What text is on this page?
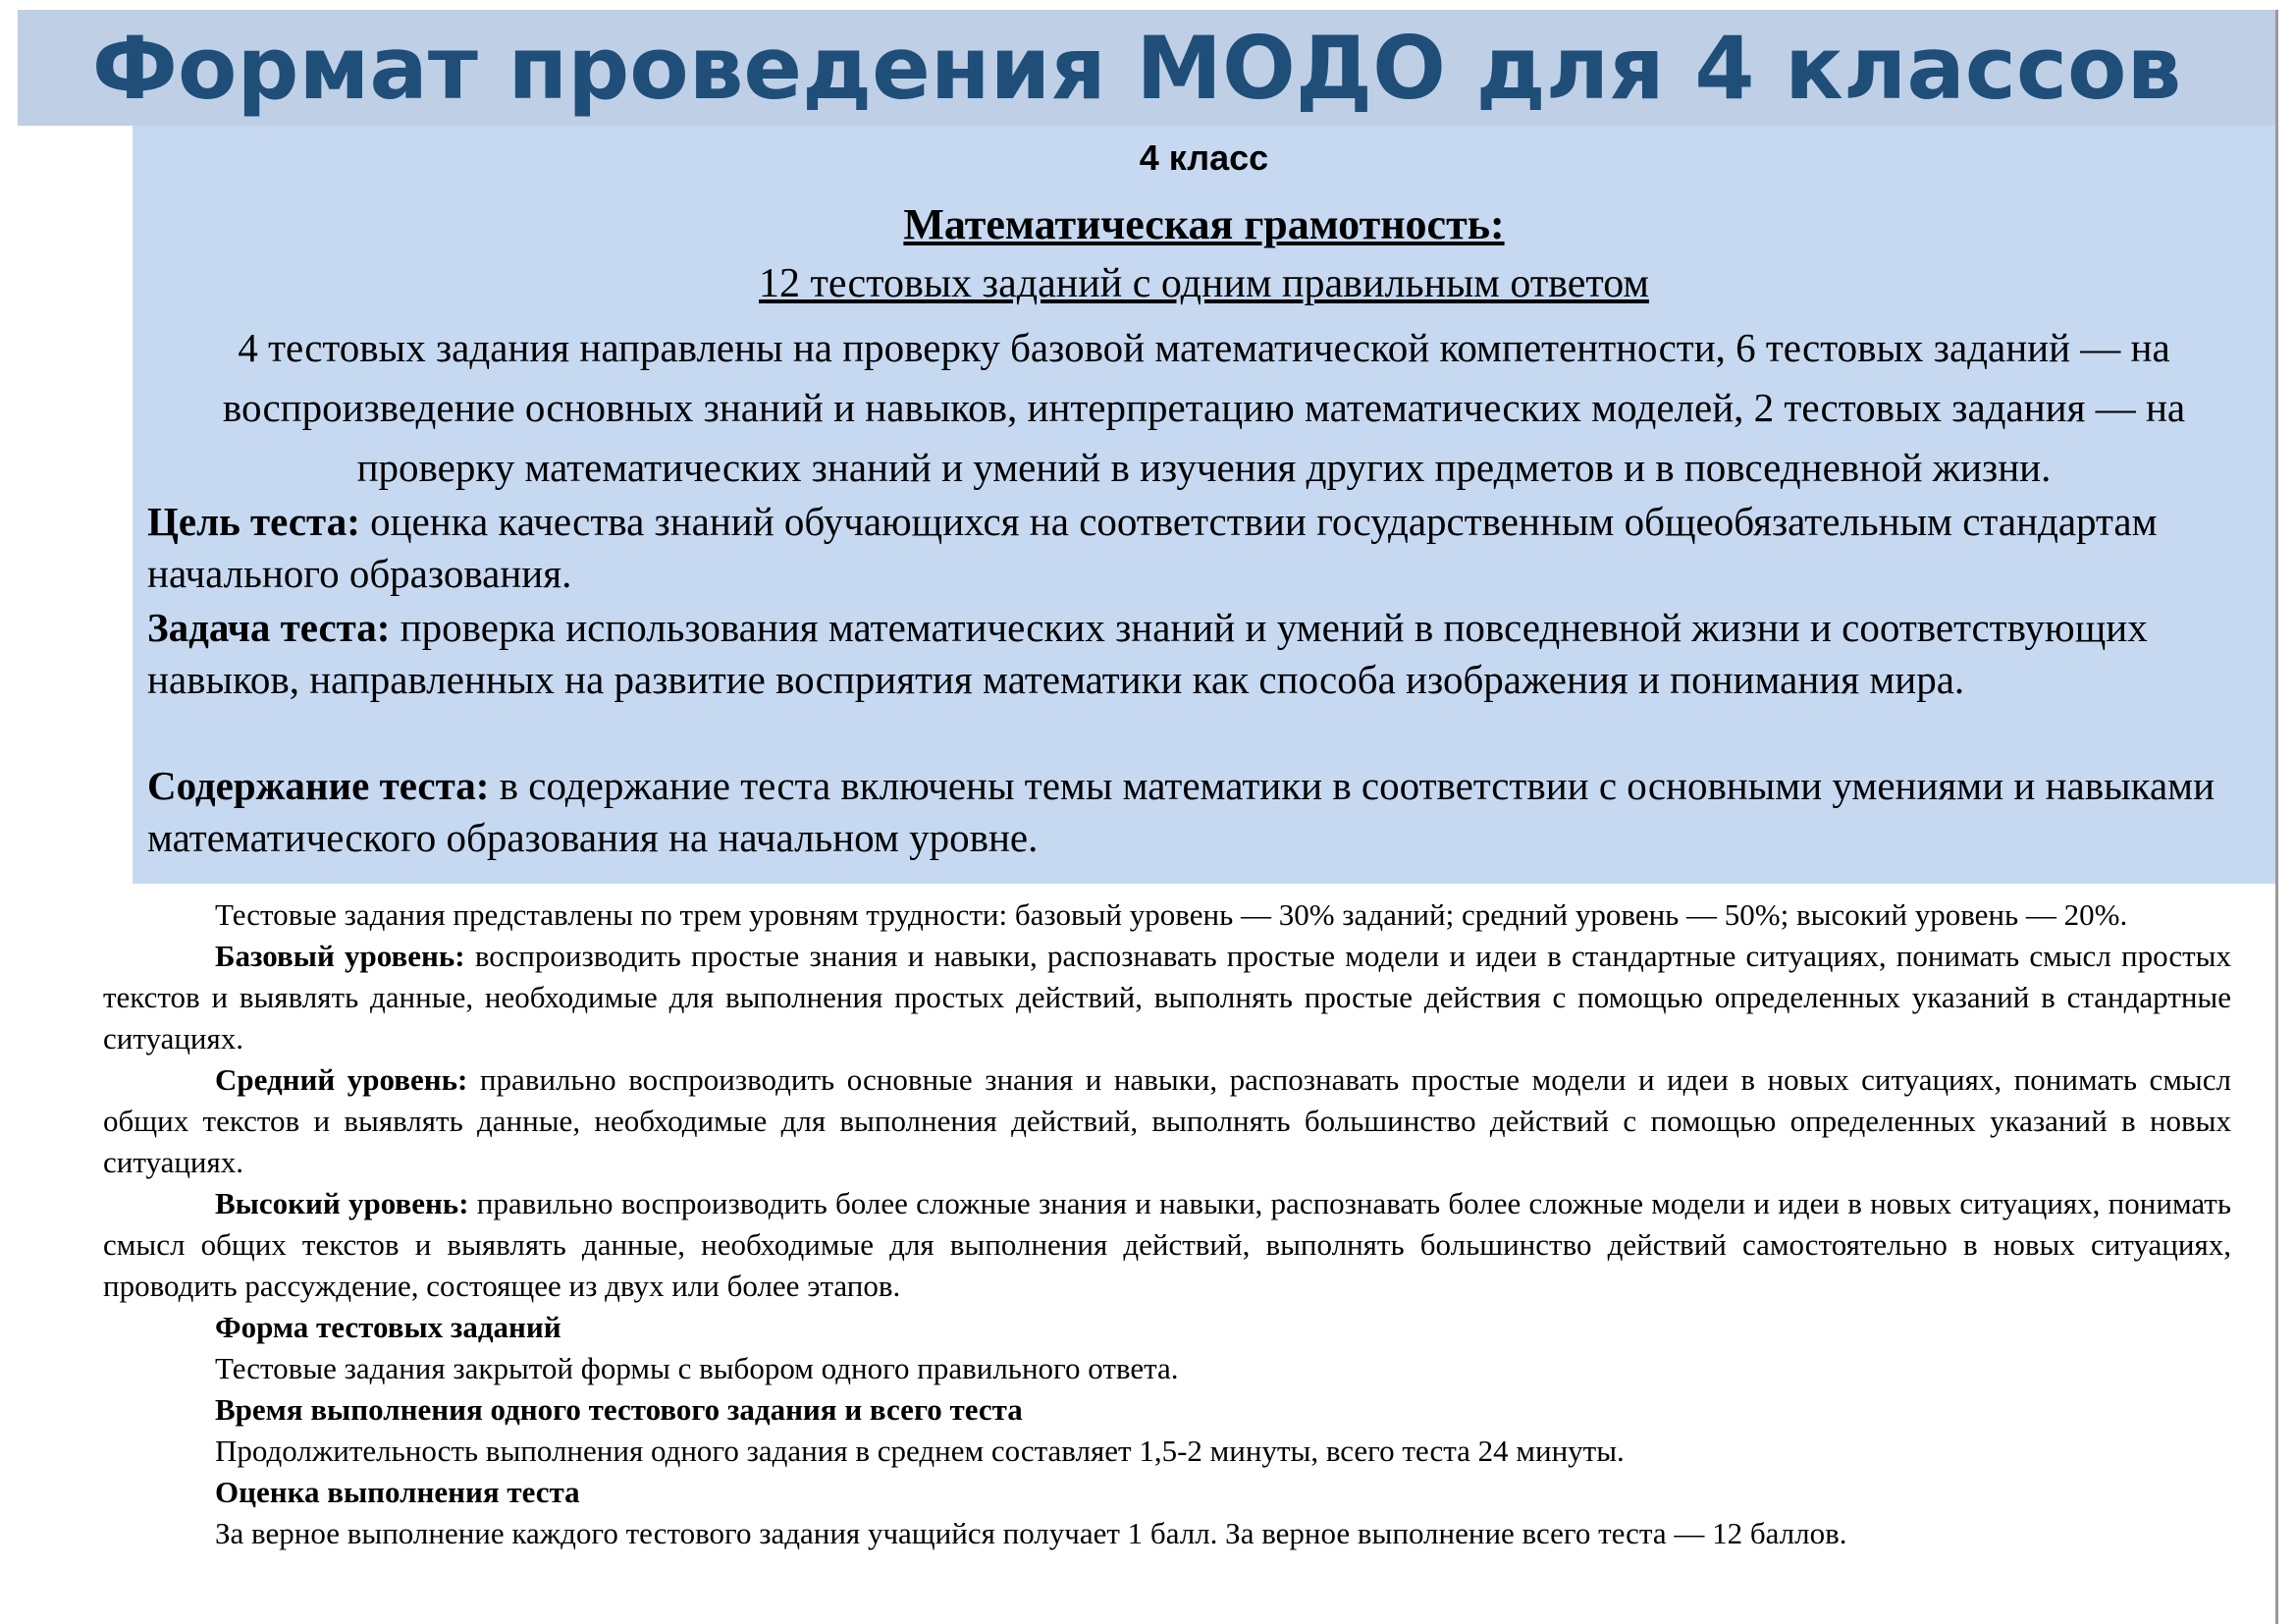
Формат проведения МОДО для 4 классов
4 класс
Математическая грамотность:
12 тестовых заданий с одним правильным ответом
4 тестовых задания направлены на проверку базовой математической компетентности, 6 тестовых заданий — на воспроизведение основных знаний и навыков, интерпретацию математических моделей, 2 тестовых задания — на проверку математических знаний и умений в изучения других предметов и в повседневной жизни.

Цель теста: оценка качества знаний обучающихся на соответствии государственным общеобязательным стандартам начального образования.

Задача теста: проверка использования математических знаний и умений в повседневной жизни и соответствующих навыков, направленных на развитие восприятия математики как способа изображения и понимания мира.

Содержание теста: в содержание теста включены темы математики в соответствии с основными умениями и навыками математического образования на начальном уровне.

Тестовые задания представлены по трем уровням трудности: базовый уровень — 30% заданий; средний уровень — 50%; высокий уровень — 20%.

Базовый уровень: воспроизводить простые знания и навыки, распознавать простые модели и идеи в стандартные ситуациях, понимать смысл простых текстов и выявлять данные, необходимые для выполнения простых действий, выполнять простые действия с помощью определенных указаний в стандартные ситуациях.

Средний уровень: правильно воспроизводить основные знания и навыки, распознавать простые модели и идеи в новых ситуациях, понимать смысл общих текстов и выявлять данные, необходимые для выполнения действий, выполнять большинство действий с помощью определенных указаний в новых ситуациях.

Высокий уровень: правильно воспроизводить более сложные знания и навыки, распознавать более сложные модели и идеи в новых ситуациях, понимать смысл общих текстов и выявлять данные, необходимые для выполнения действий, выполнять большинство действий самостоятельно в новых ситуациях, проводить рассуждение, состоящее из двух или более этапов.

Форма тестовых заданий

Тестовые задания закрытой формы с выбором одного правильного ответа.

Время выполнения одного тестового задания и всего теста

Продолжительность выполнения одного задания в среднем составляет 1,5-2 минуты, всего теста 24 минуты.

Оценка выполнения теста

За верное выполнение каждого тестового задания учащийся получает 1 балл. За верное выполнение всего теста — 12 баллов.
